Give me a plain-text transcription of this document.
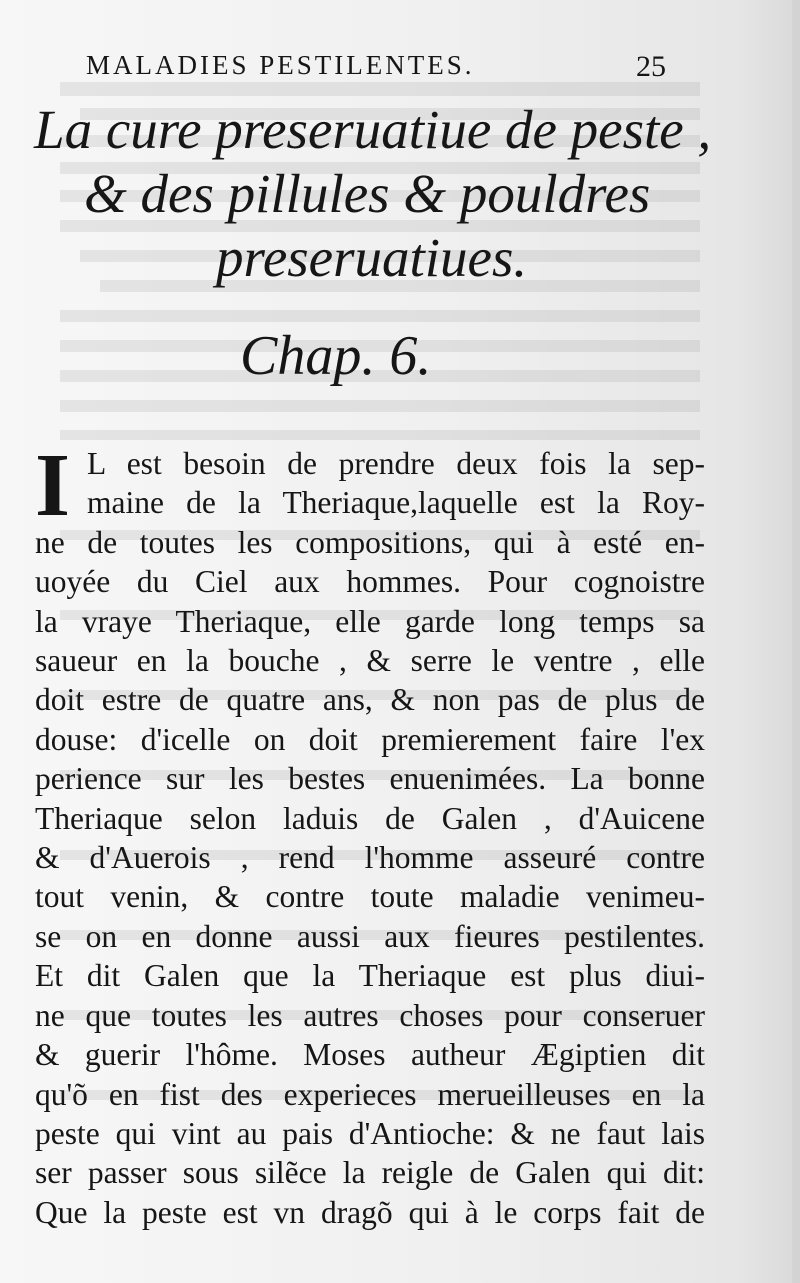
MALADIES PESTILENTES.	25
La cure preseruatiue de peste ,
& des pillules & pouldres
preseruatiues.
Chap. 6.
I L est besoin de prendre deux fois la sep-
maine de la Theriaque,laquelle est la Roy-
ne de toutes les compositions, qui à esté en-
uoyée du Ciel aux hommes. Pour cognoistre
la vraye Theriaque, elle garde long temps sa
saueur en la bouche , & serre le ventre , elle
doit estre de quatre ans, & non pas de plus de
douse: d'icelle on doit premierement faire l'ex
perience sur les bestes enuenimées. La bonne
Theriaque selon laduis de Galen , d'Auicene
& d'Auerois , rend l'homme asseuré contre
tout venin, & contre toute maladie venimeu-
se on en donne aussi aux fieures pestilentes.
Et dit Galen que la Theriaque est plus diui-
ne que toutes les autres choses pour conseruer
& guerir l'hôme. Moses autheur Ægiptien dit
qu'õ en fist des experieces merueilleuses en la
peste qui vint au pais d'Antioche: & ne faut lais
ser passer sous silẽce la reigle de Galen qui dit:
Que la peste est vn dragõ qui à le corps fait de
